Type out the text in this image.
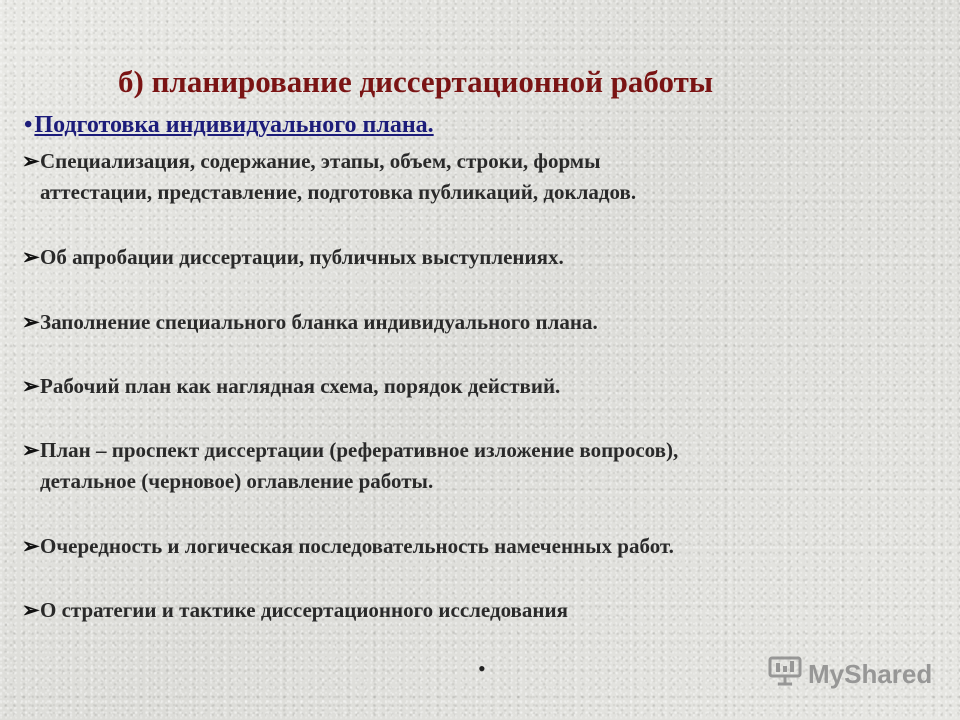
б) планирование диссертационной работы
•Подготовка индивидуального плана.
➢Специализация, содержание, этапы, объем, строки, формы
аттестации, представление, подготовка публикаций, докладов.
➢Об апробации диссертации, публичных выступлениях.
➢Заполнение специального бланка индивидуального плана.
➢Рабочий план как наглядная схема, порядок действий.
➢План – проспект диссертации (реферативное изложение вопросов),
детальное (черновое) оглавление работы.
➢Очередность и логическая последовательность намеченных работ.
➢О стратегии и тактике диссертационного исследования
•	MyShared
